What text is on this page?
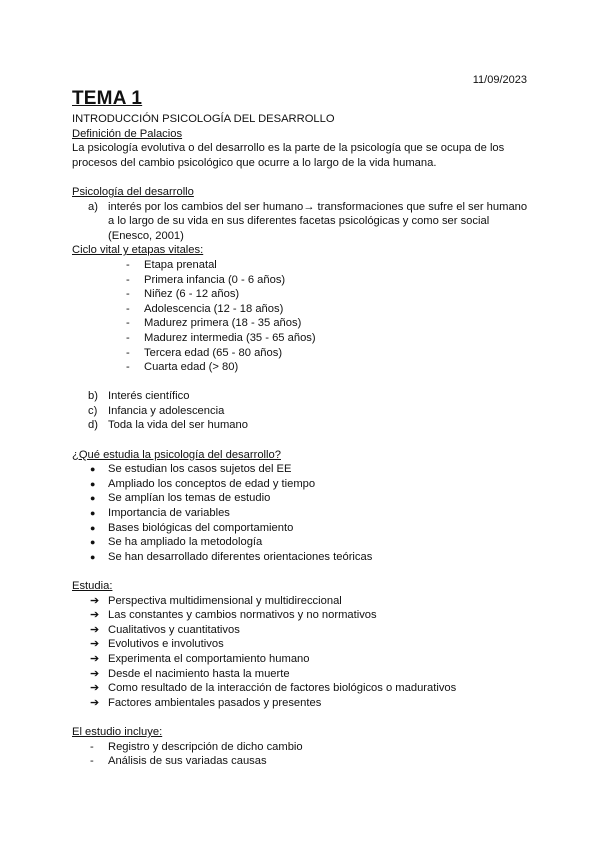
11/09/2023
TEMA 1
INTRODUCCIÓN PSICOLOGÍA DEL DESARROLLO
Definición de Palacios
La psicología evolutiva o del desarrollo es la parte de la psicología que se ocupa de los procesos del cambio psicológico que ocurre a lo largo de la vida humana.
Psicología del desarrollo
a) interés por los cambios del ser humano→ transformaciones que sufre el ser humano a lo largo de su vida en sus diferentes facetas psicológicas y como ser social (Enesco, 2001)
Ciclo vital y etapas vitales:
-	Etapa prenatal
-	Primera infancia (0 - 6 años)
-	Niñez (6 - 12 años)
-	Adolescencia (12 - 18 años)
-	Madurez primera (18 - 35 años)
-	Madurez intermedia (35 - 65 años)
-	Tercera edad (65 - 80 años)
-	Cuarta edad (> 80)
b) Interés científico
c) Infancia y adolescencia
d) Toda la vida del ser humano
¿Qué estudia la psicología del desarrollo?
●	Se estudian los casos sujetos del EE
●	Ampliado los conceptos de edad y tiempo
●	Se amplían los temas de estudio
●	Importancia de variables
●	Bases biológicas del comportamiento
●	Se ha ampliado la metodología
●	Se han desarrollado diferentes orientaciones teóricas
Estudia:
➔ Perspectiva multidimensional y multidireccional
➔ Las constantes y cambios normativos y no normativos
➔ Cualitativos y cuantitativos
➔ Evolutivos e involutivos
➔ Experimenta el comportamiento humano
➔ Desde el nacimiento hasta la muerte
➔ Como resultado de la interacción de factores biológicos o madurativos
➔ Factores ambientales pasados y presentes
El estudio incluye:
-	Registro y descripción de dicho cambio
-	Análisis de sus variadas causas
